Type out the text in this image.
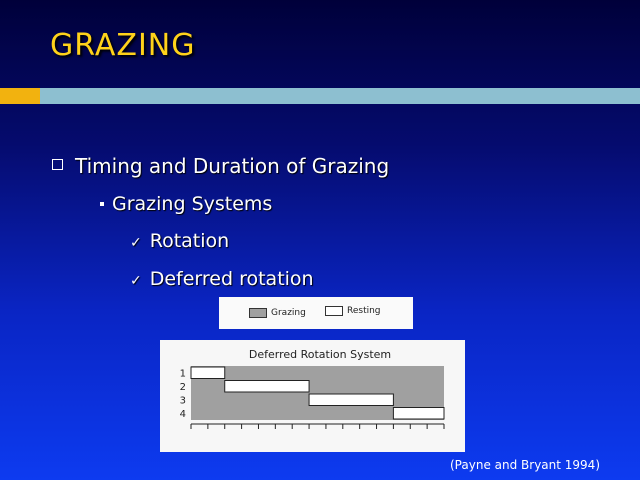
GRAZING
Timing and Duration of Grazing
Grazing Systems
✓ Rotation
✓ Deferred rotation
Grazing	Resting
Deferred Rotation System
1
2
3
4
(Payne and Bryant 1994)
